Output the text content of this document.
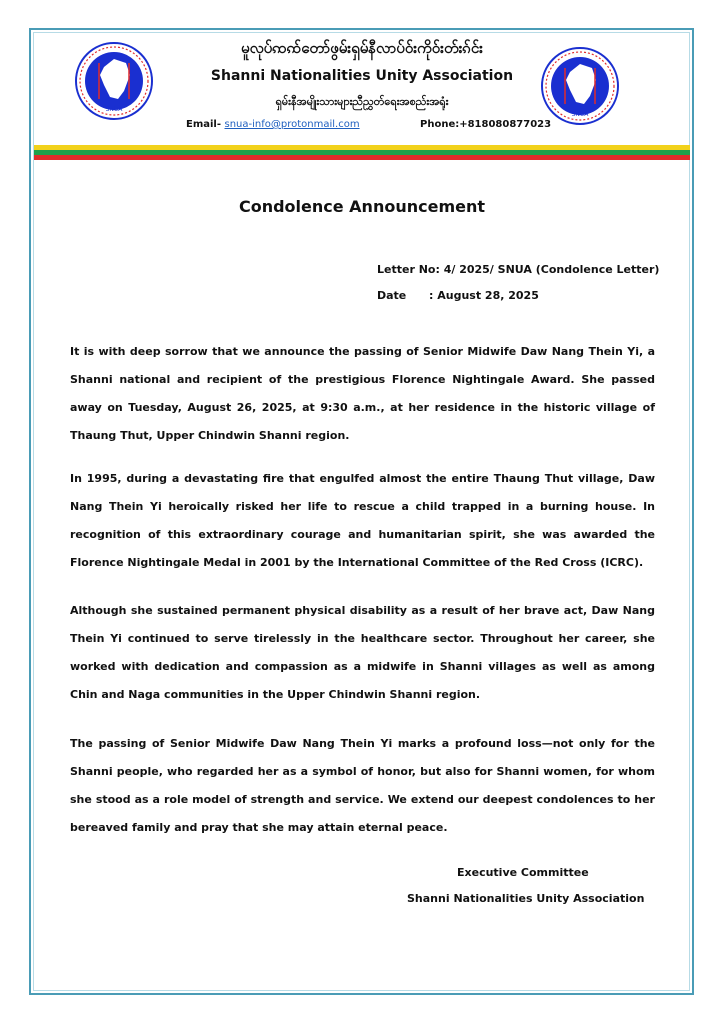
SNUA
SNUA
မူလုပ်ꩡꩡ်တော်ဖွမ်းရှမ်နီလာပ်ဝ်းကိုဝ်းတ်းၵ်င်း
Shanni Nationalities Unity Association
ရှမ်းနီအမျိုးသားများညီညွှတ်ရေးအစည်းအရုံး
Email- snua-info@protonmail.com	Phone:+818080877023
Condolence Announcement
Letter No: 4/ 2025/ SNUA (Condolence Letter)
Date : August 28, 2025

It is with deep sorrow that we announce the passing of Senior Midwife Daw Nang Thein Yi, a Shanni national and recipient of the prestigious Florence Nightingale Award. She passed away on Tuesday, August 26, 2025, at 9:30 a.m., at her residence in the historic village of Thaung Thut, Upper Chindwin Shanni region.

In 1995, during a devastating fire that engulfed almost the entire Thaung Thut village, Daw Nang Thein Yi heroically risked her life to rescue a child trapped in a burning house. In recognition of this extraordinary courage and humanitarian spirit, she was awarded the Florence Nightingale Medal in 2001 by the International Committee of the Red Cross (ICRC).

Although she sustained permanent physical disability as a result of her brave act, Daw Nang Thein Yi continued to serve tirelessly in the healthcare sector. Throughout her career, she worked with dedication and compassion as a midwife in Shanni villages as well as among Chin and Naga communities in the Upper Chindwin Shanni region.

The passing of Senior Midwife Daw Nang Thein Yi marks a profound loss—not only for the Shanni people, who regarded her as a symbol of honor, but also for Shanni women, for whom she stood as a role model of strength and service. We extend our deepest condolences to her bereaved family and pray that she may attain eternal peace.

Executive Committee
Shanni Nationalities Unity Association
